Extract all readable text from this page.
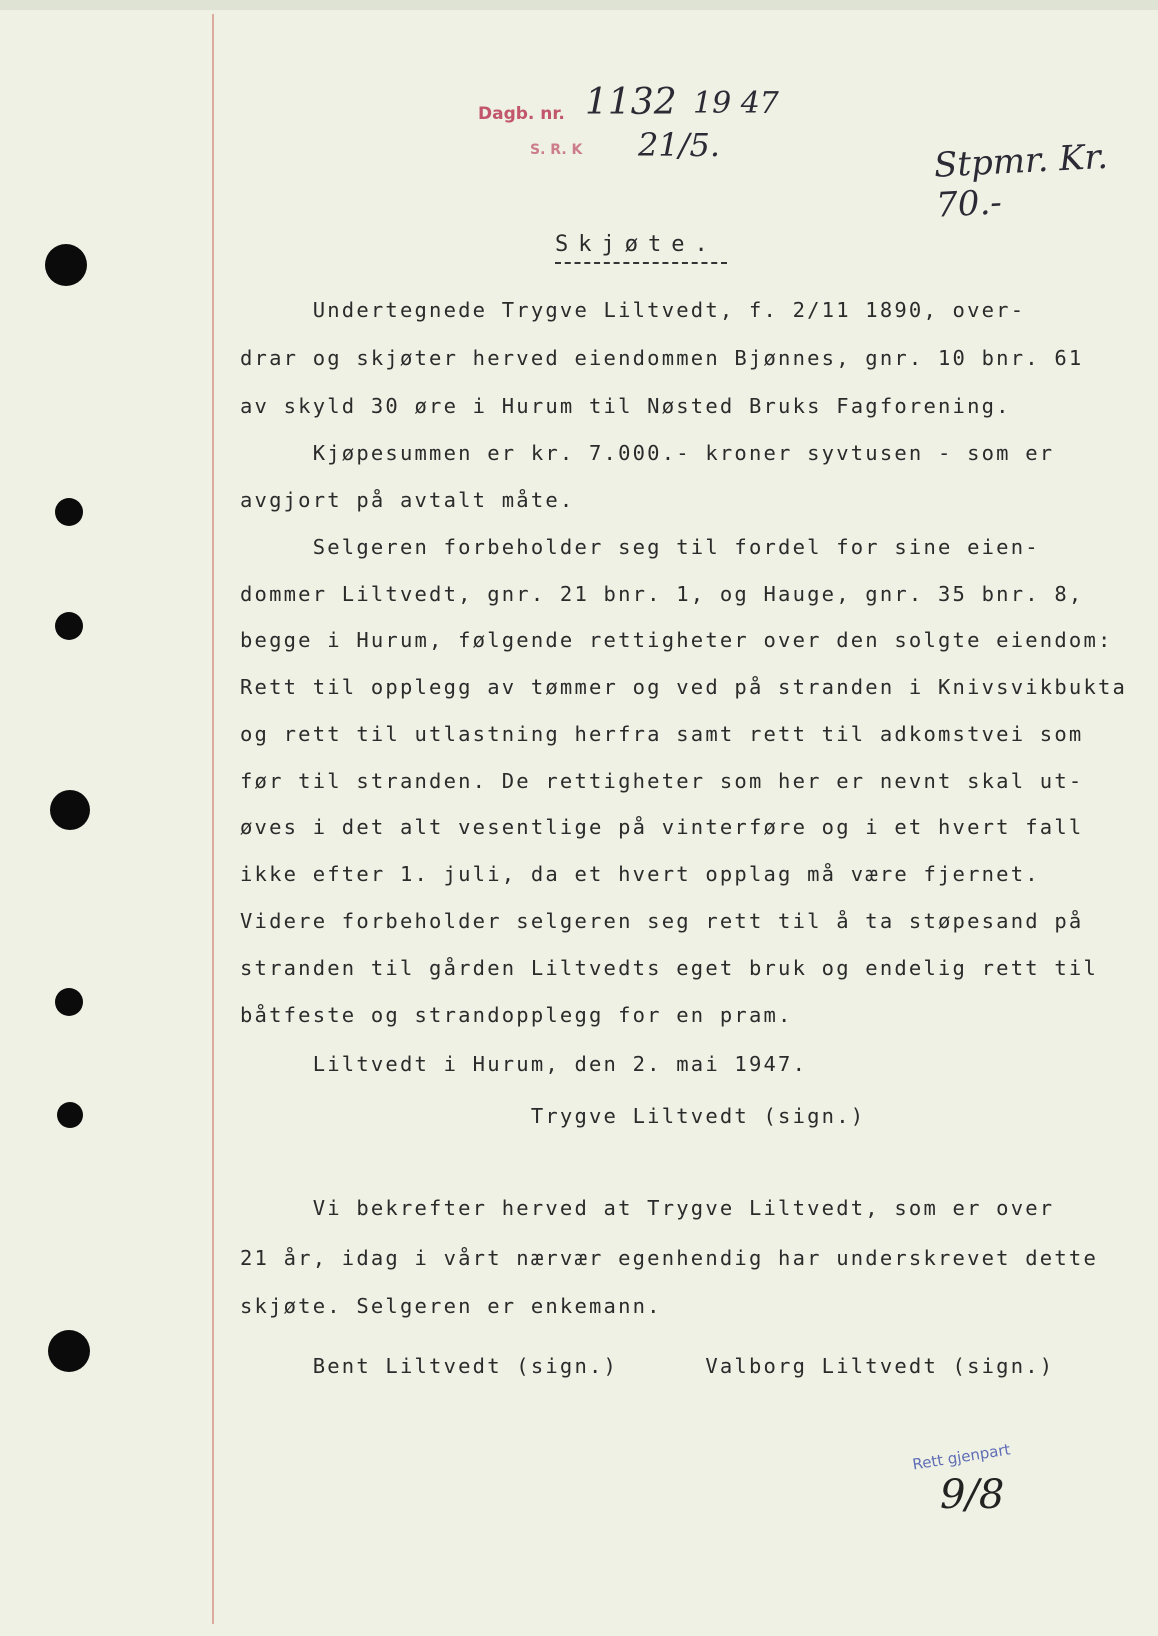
Dagb. nr. 1132 19 47
S. R. K 21/5.	Stpmr. Kr. 70.-
Skjøte.
Undertegnede Trygve Liltvedt, f. 2/11 1890, over-
drar og skjøter herved eiendommen Bjønnes, gnr. 10 bnr. 61
av skyld 30 øre i Hurum til Nøsted Bruks Fagforening.
Kjøpesummen er kr. 7.000.- kroner syvtusen - som er
avgjort på avtalt måte.
Selgeren forbeholder seg til fordel for sine eien-
dommer Liltvedt, gnr. 21 bnr. 1, og Hauge, gnr. 35 bnr. 8,
begge i Hurum, følgende rettigheter over den solgte eiendom:
Rett til opplegg av tømmer og ved på stranden i Knivsvikbukta
og rett til utlastning herfra samt rett til adkomstvei som
før til stranden. De rettigheter som her er nevnt skal ut-
øves i det alt vesentlige på vinterføre og i et hvert fall
ikke efter 1. juli, da et hvert opplag må være fjernet.
Videre forbeholder selgeren seg rett til å ta støpesand på
stranden til gården Liltvedts eget bruk og endelig rett til
båtfeste og strandopplegg for en pram.
Liltvedt i Hurum, den 2. mai 1947.
Trygve Liltvedt (sign.)
Vi bekrefter herved at Trygve Liltvedt, som er over
21 år, idag i vårt nærvær egenhendig har underskrevet dette
skjøte. Selgeren er enkemann.
Bent Liltvedt (sign.)      Valborg Liltvedt (sign.)
Rett gjenpart
9/8
